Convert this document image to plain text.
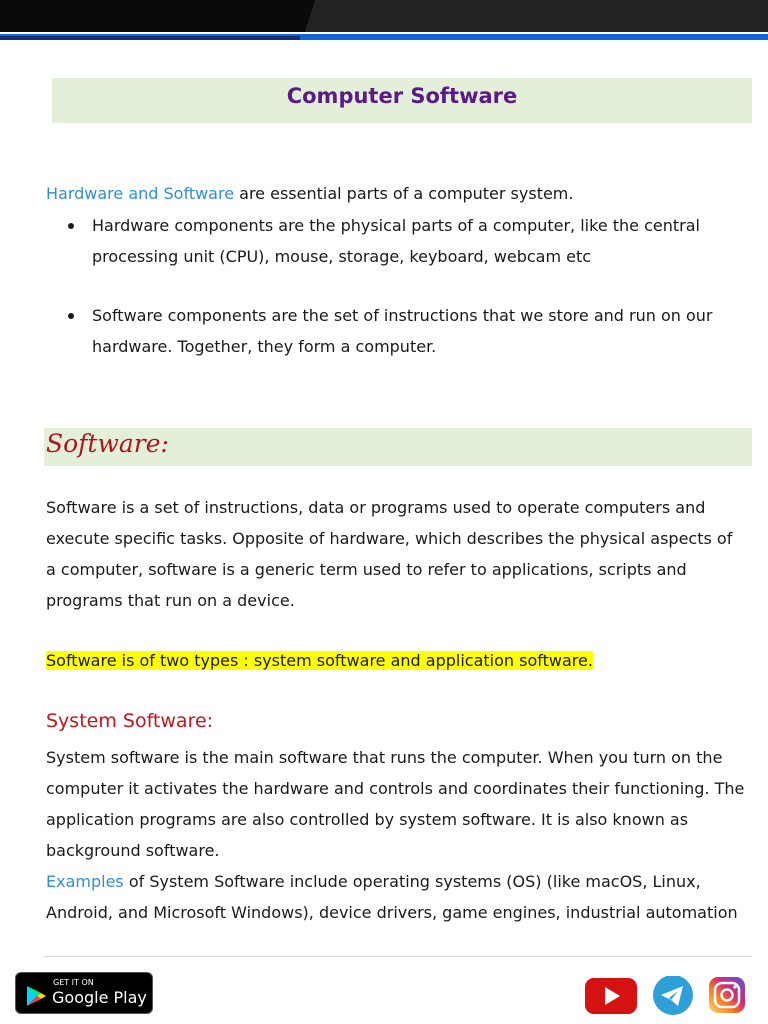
Computer Software
Hardware and Software are essential parts of a computer system.
Hardware components are the physical parts of a computer, like the central
processing unit (CPU), mouse, storage, keyboard, webcam etc
Software components are the set of instructions that we store and run on our
hardware. Together, they form a computer.
Software:
Software is a set of instructions, data or programs used to operate computers and
execute specific tasks. Opposite of hardware, which describes the physical aspects of
a computer, software is a generic term used to refer to applications, scripts and
programs that run on a device.
Software is of two types : system software and application software.
System Software:
System software is the main software that runs the computer. When you turn on the
computer it activates the hardware and controls and coordinates their functioning. The
application programs are also controlled by system software. It is also known as
background software.
Examples of System Software include operating systems (OS) (like macOS, Linux,
Android, and Microsoft Windows), device drivers, game engines, industrial automation
GET IT ON
Google Play
